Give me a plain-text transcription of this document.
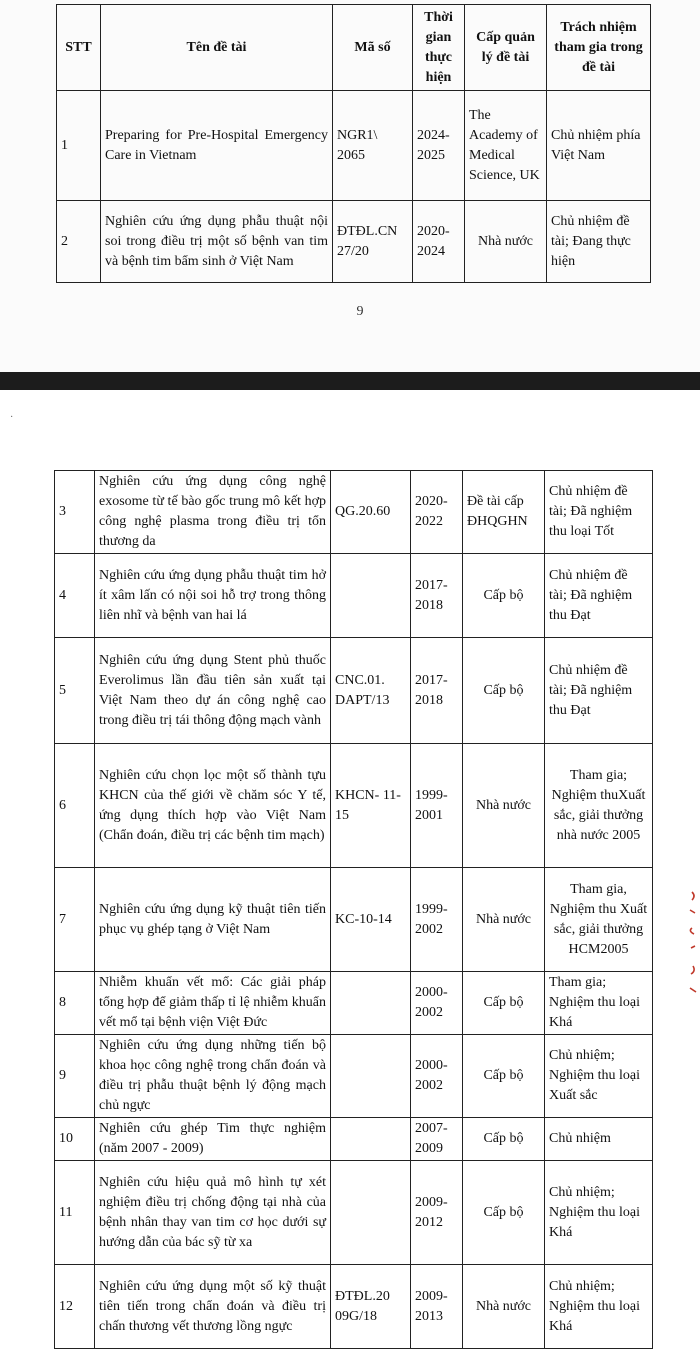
STT	Tên đề tài	Mã số	Thời gian thực hiện	Cấp quản lý đề tài	Trách nhiệm tham gia trong đề tài
1	Preparing for Pre-Hospital Emergency Care in Vietnam	NGR1\ 2065	2024- 2025	The Academy of Medical Science, UK	Chủ nhiệm phía Việt Nam
2	Nghiên cứu ứng dụng phẫu thuật nội soi trong điều trị một số bệnh van tim và bệnh tim bẩm sinh ở Việt Nam	ĐTĐL.CN 27/20	2020- 2024	Nhà nước	Chủ nhiệm đề tài; Đang thực hiện
9
·
3	Nghiên cứu ứng dụng công nghệ exosome từ tế bào gốc trung mô kết hợp công nghệ plasma trong điều trị tổn thương da	QG.20.60	2020- 2022	Đề tài cấp ĐHQGHN	Chủ nhiệm đề tài; Đã nghiệm thu loại Tốt
4	Nghiên cứu ứng dụng phẫu thuật tim hở ít xâm lấn có nội soi hỗ trợ trong thông liên nhĩ và bệnh van hai lá		2017- 2018	Cấp bộ	Chủ nhiệm đề tài; Đã nghiệm thu Đạt
5	Nghiên cứu ứng dụng Stent phủ thuốc Everolimus lần đầu tiên sản xuất tại Việt Nam theo dự án công nghệ cao trong điều trị tái thông động mạch vành	CNC.01. DAPT/13	2017- 2018	Cấp bộ	Chủ nhiệm đề tài; Đã nghiệm thu Đạt
6	Nghiên cứu chọn lọc một số thành tựu KHCN của thế giới về chăm sóc Y tế, ứng dụng thích hợp vào Việt Nam (Chẩn đoán, điều trị các bệnh tim mạch)	KHCN- 11-15	1999- 2001	Nhà nước	Tham gia; Nghiệm thuXuất sắc, giải thưởng nhà nước 2005
7	Nghiên cứu ứng dụng kỹ thuật tiên tiến phục vụ ghép tạng ở Việt Nam	KC-10-14	1999- 2002	Nhà nước	Tham gia, Nghiệm thu Xuất sắc, giải thưởng HCM2005
8	Nhiễm khuẩn vết mổ: Các giải pháp tổng hợp để giảm thấp tỉ lệ nhiễm khuẩn vết mổ tại bệnh viện Việt Đức		2000- 2002	Cấp bộ	Tham gia; Nghiệm thu loại Khá
9	Nghiên cứu ứng dụng những tiến bộ khoa học công nghệ trong chẩn đoán và điều trị phẫu thuật bệnh lý động mạch chủ ngực		2000- 2002	Cấp bộ	Chủ nhiệm; Nghiệm thu loại Xuất sắc
10	Nghiên cứu ghép Tim thực nghiệm (năm 2007 - 2009)		2007- 2009	Cấp bộ	Chủ nhiệm
11	Nghiên cứu hiệu quả mô hình tự xét nghiệm điều trị chống động tại nhà của bệnh nhân thay van tim cơ học dưới sự hướng dẫn của bác sỹ từ xa		2009- 2012	Cấp bộ	Chủ nhiệm; Nghiệm thu loại Khá
12	Nghiên cứu ứng dụng một số kỹ thuật tiên tiến trong chẩn đoán và điều trị chấn thương vết thương lồng ngực	ĐTĐL.20 09G/18	2009- 2013	Nhà nước	Chủ nhiệm; Nghiệm thu loại Khá
